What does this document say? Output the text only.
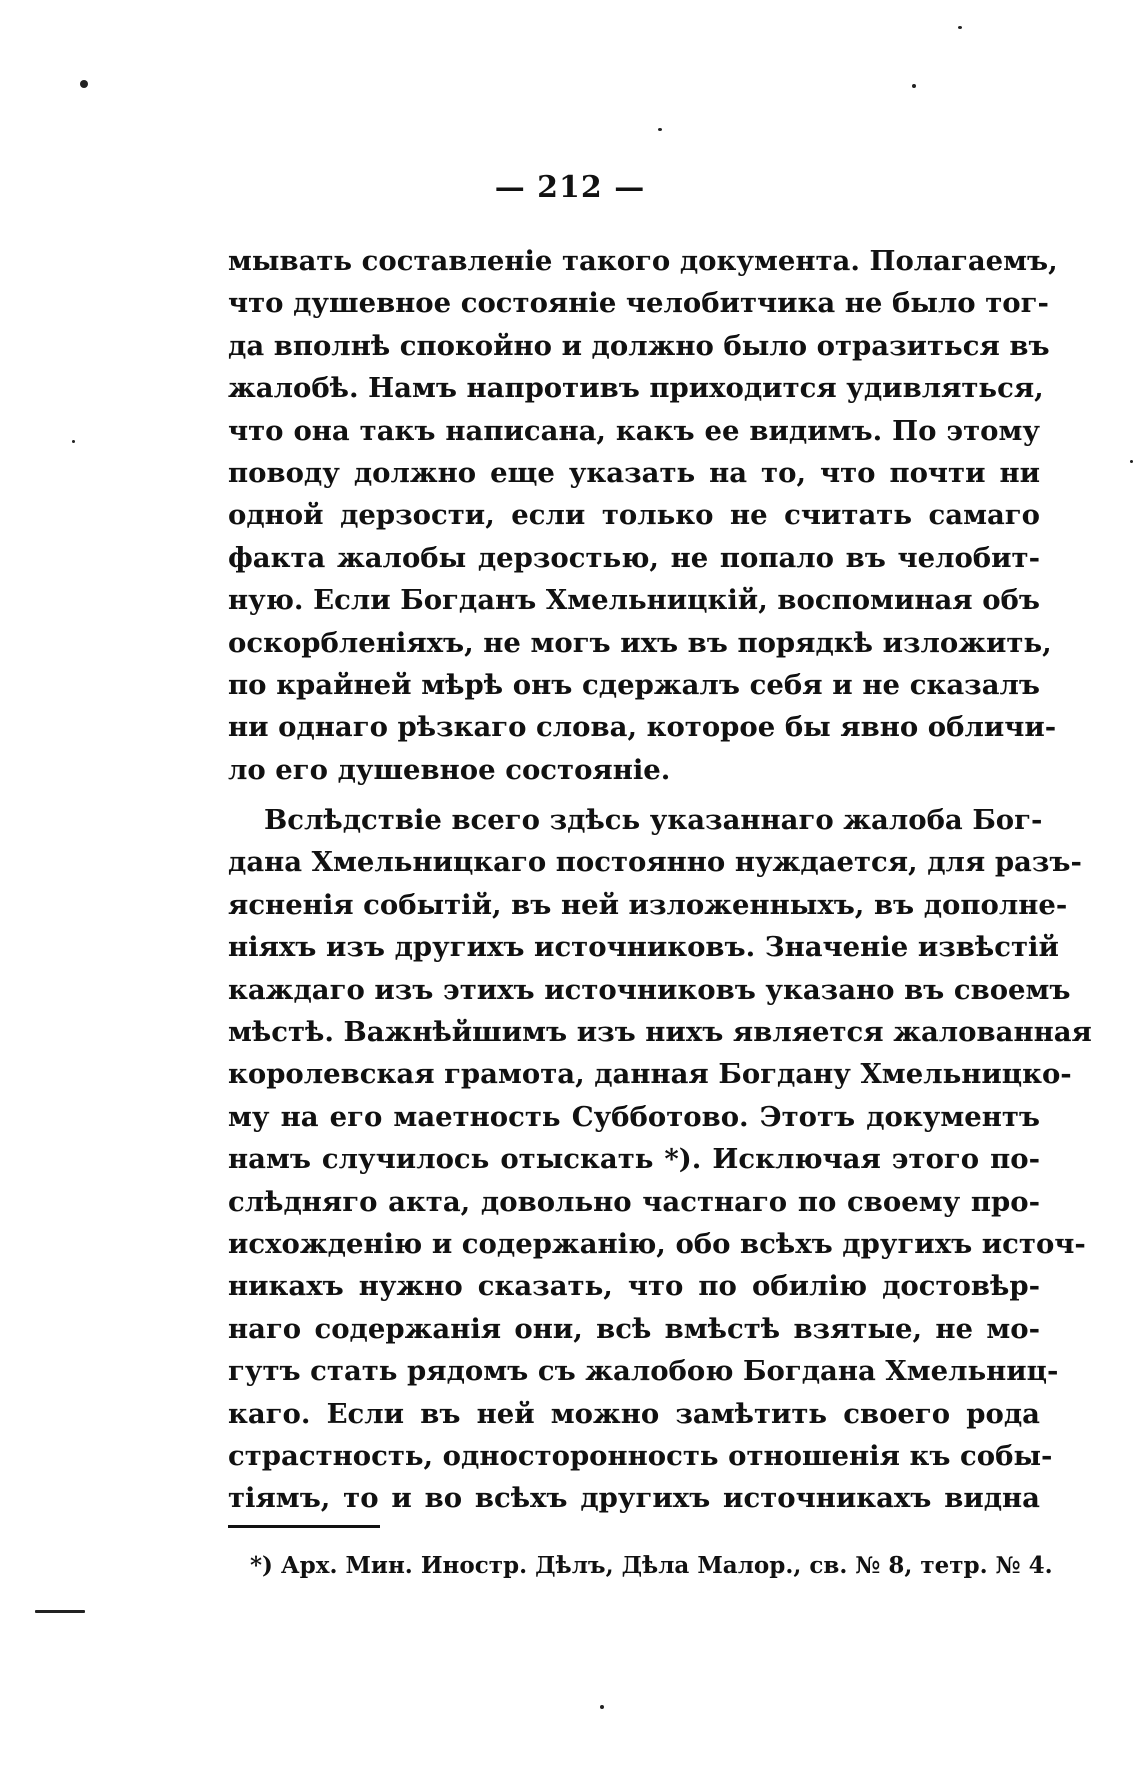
— 212 —
мывать составленіе такого документа. Полагаемъ,
что душевное состояніе челобитчика не было тог-
да вполнѣ спокойно и должно было отразиться въ
жалобѣ. Намъ напротивъ приходится удивляться,
что она такъ написана, какъ ее видимъ. По этому
поводу должно еще указать на то, что почти ни
одной дерзости, если только не считать самаго
факта жалобы дерзостью, не попало въ челобит-
ную. Если Богданъ Хмельницкій, воспоминая объ
оскорбленіяхъ, не могъ ихъ въ порядкѣ изложить,
по крайней мѣрѣ онъ сдержалъ себя и не сказалъ
ни однаго рѣзкаго слова, которое бы явно обличи-
ло его душевное состояніе.
Вслѣдствіе всего здѣсь указаннаго жалоба Бог-
дана Хмельницкаго постоянно нуждается, для разъ-
ясненія событій, въ ней изложенныхъ, въ дополне-
ніяхъ изъ другихъ источниковъ. Значеніе извѣстій
каждаго изъ этихъ источниковъ указано въ своемъ
мѣстѣ. Важнѣйшимъ изъ нихъ является жалованная
королевская грамота, данная Богдану Хмельницко-
му на его маетность Субботово. Этотъ документъ
намъ случилось отыскать *). Исключая этого по-
слѣдняго акта, довольно частнаго по своему про-
исхожденію и содержанію, обо всѣхъ другихъ источ-
никахъ нужно сказать, что по обилію достовѣр-
наго содержанія они, всѣ вмѣстѣ взятые, не мо-
гутъ стать рядомъ съ жалобою Богдана Хмельниц-
каго. Если въ ней можно замѣтить своего рода
страстность, односторонность отношенія къ собы-
тіямъ, то и во всѣхъ другихъ источникахъ видна
*) Арх. Мин. Иностр. Дѣлъ, Дѣла Малор., св. № 8, тетр. № 4.
